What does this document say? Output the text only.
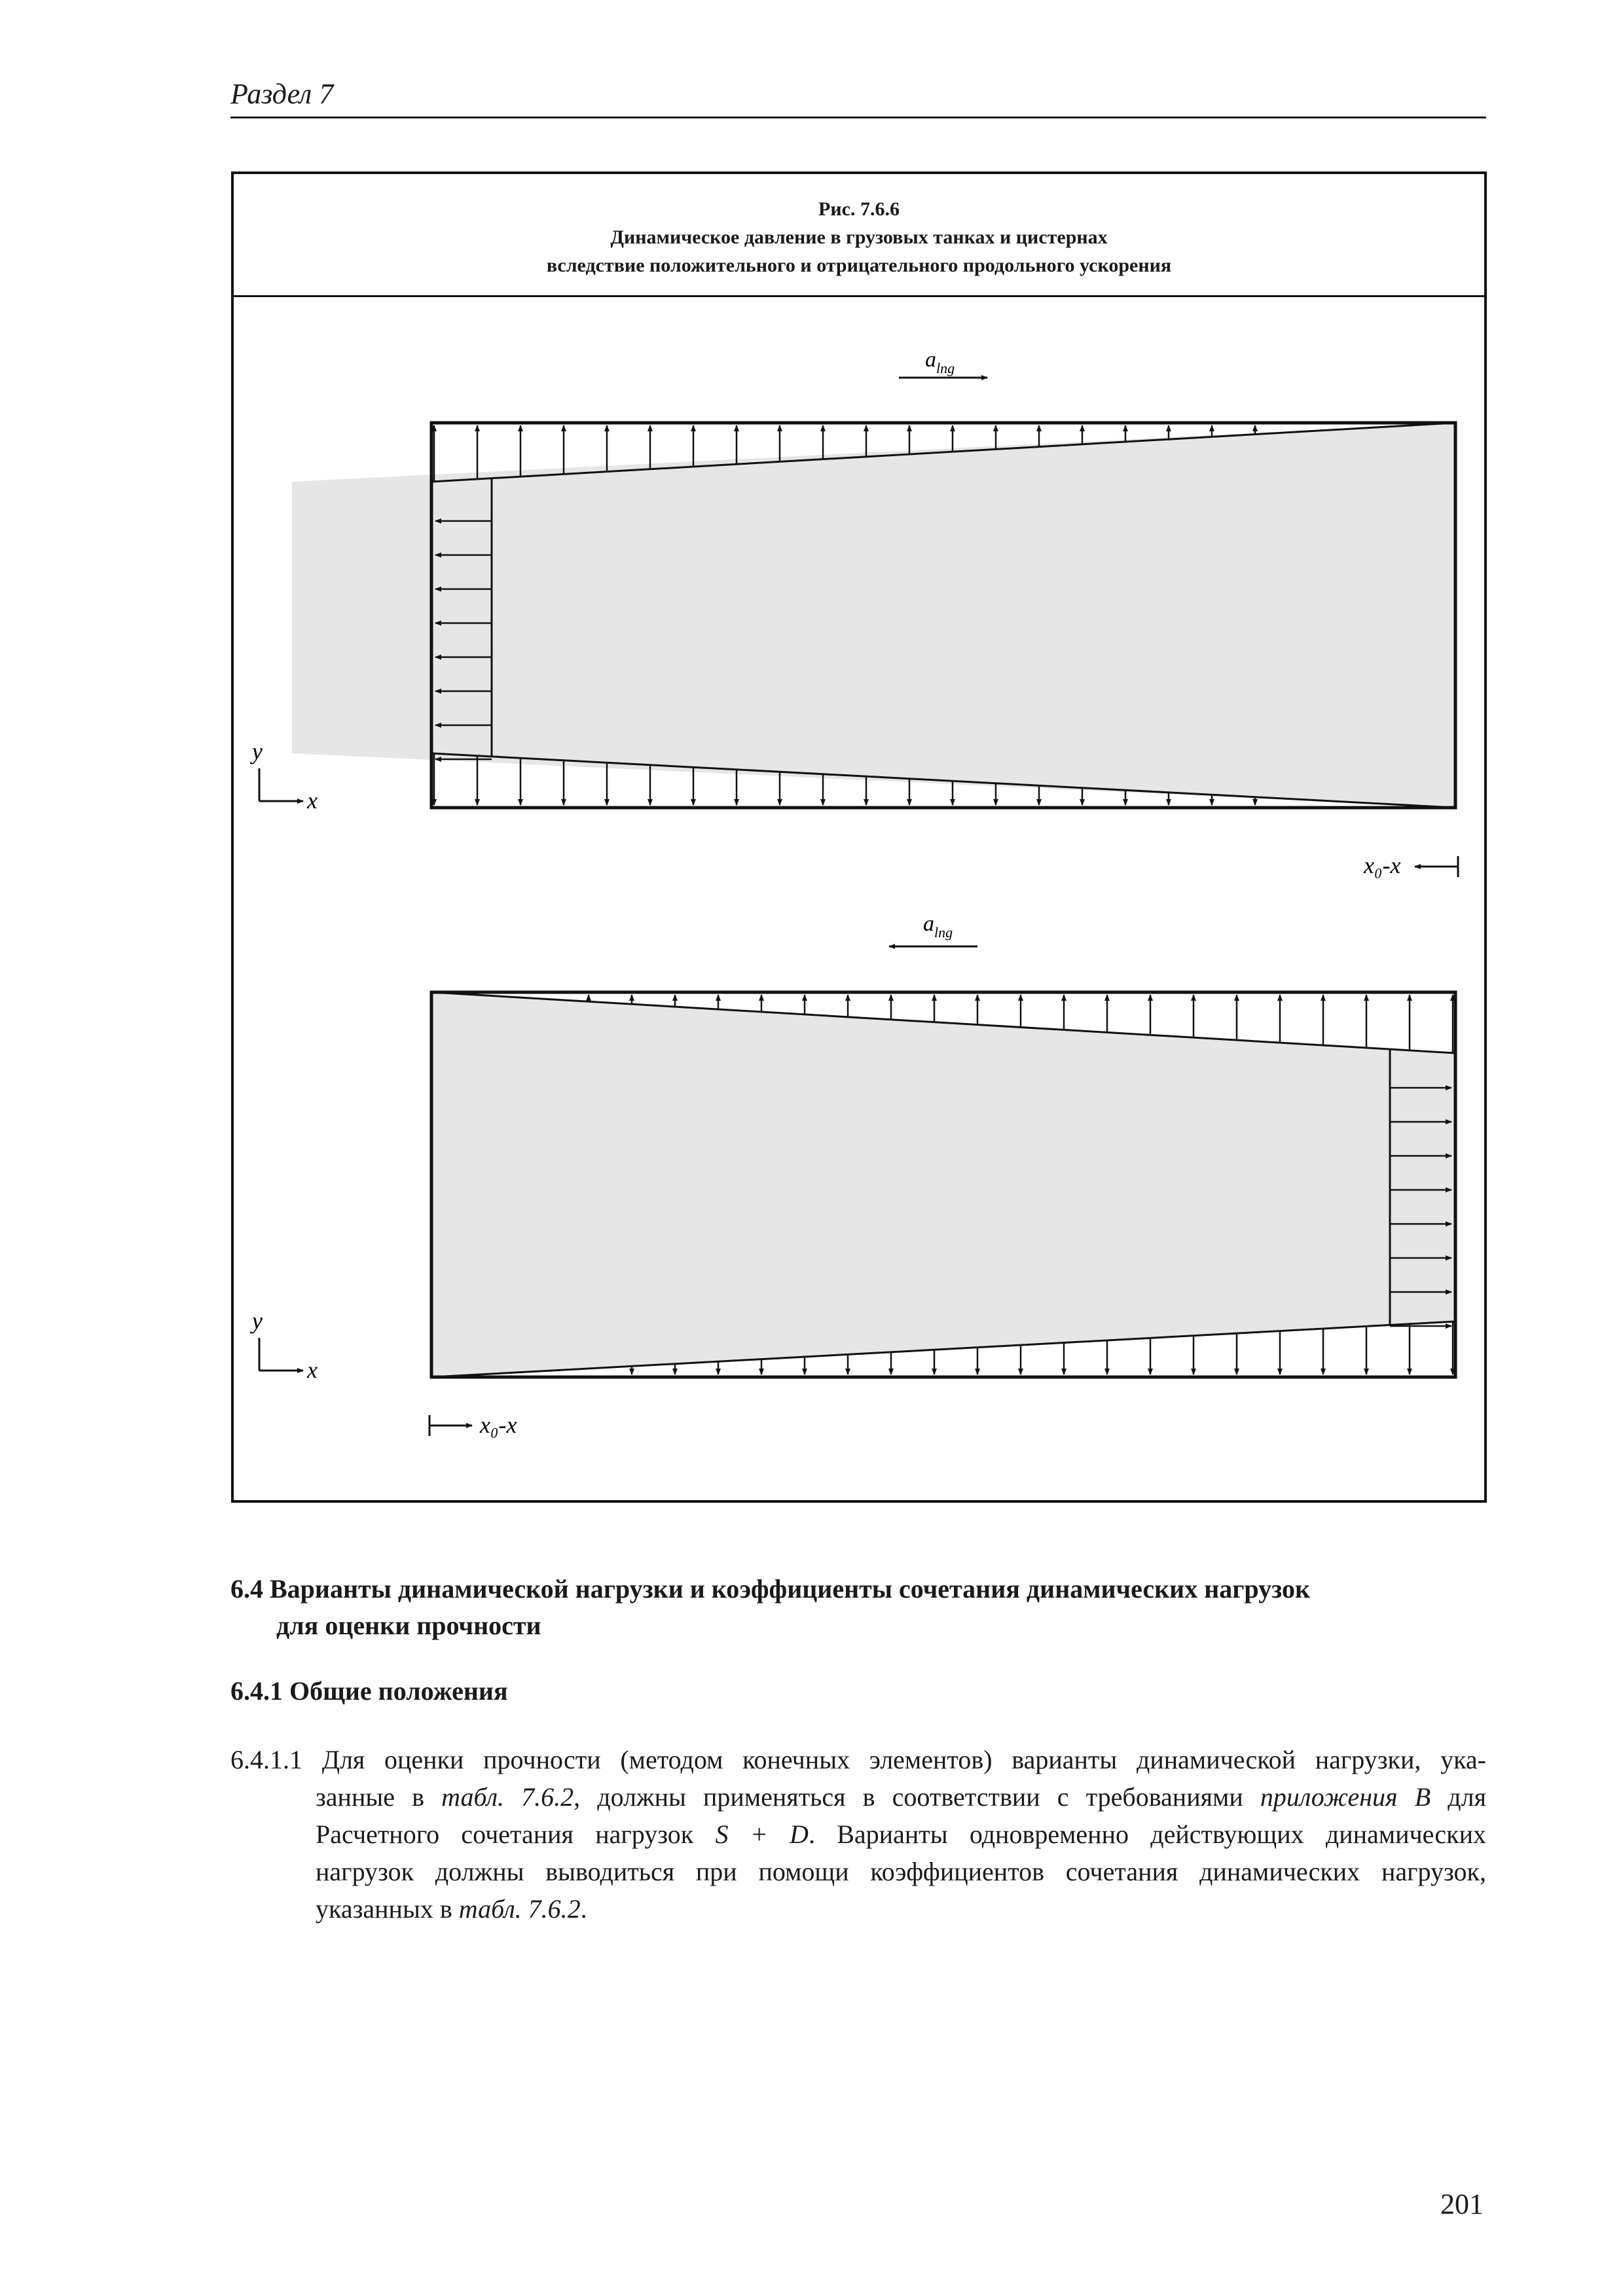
Раздел 7
Рис. 7.6.6
Динамическое давление в грузовых танках и цистернах
вследствие положительного и отрицательного продольного ускорения
$a_{lng}$
y
x
x₀-x
$a_{lng}$
y
x
x₀-x
6.4 Варианты динамической нагрузки и коэффициенты сочетания динамических нагрузок
для оценки прочности
6.4.1 Общие положения
6.4.1.1 Для оценки прочности (методом конечных элементов) варианты динамической нагрузки, ука-
занные в табл. 7.6.2, должны применяться в соответствии с требованиями приложения В для
Расчетного сочетания нагрузок S + D. Варианты одновременно действующих динамических
нагрузок должны выводиться при помощи коэффициентов сочетания динамических нагрузок,
указанных в табл. 7.6.2.
201
